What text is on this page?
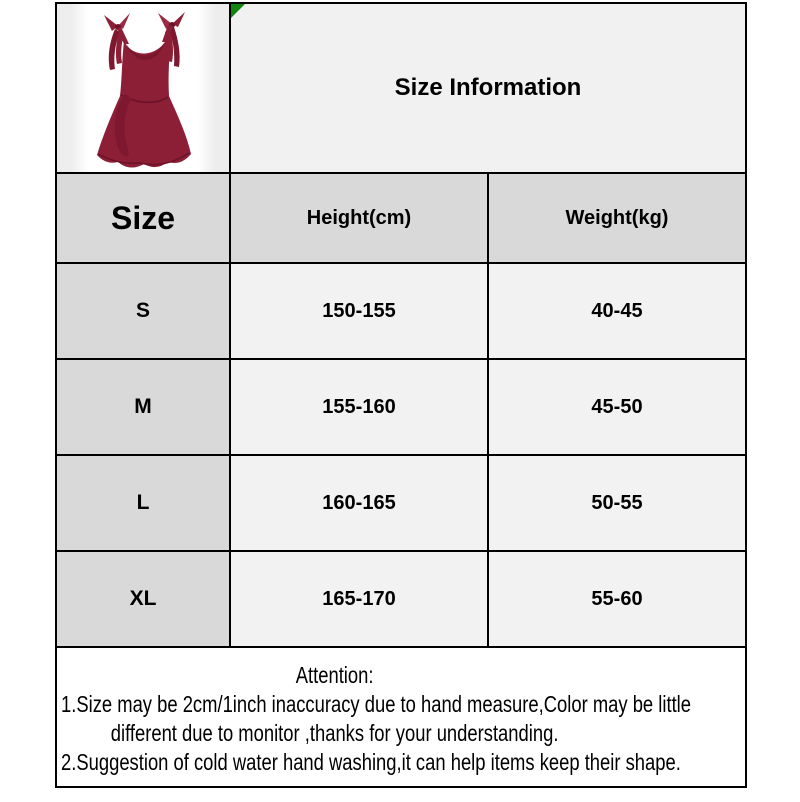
Size Information	
Size	Height(cm)	Weight(kg)
S	150-155	40-45
M	155-160	45-50
L	160-165	50-55
XL	165-170	55-60

Attention:
1.Size may be 2cm/1inch inaccuracy due to hand measure,Color may be little
different due to monitor ,thanks for your understanding.
2.Suggestion of cold water hand washing,it can help items keep their shape.		
